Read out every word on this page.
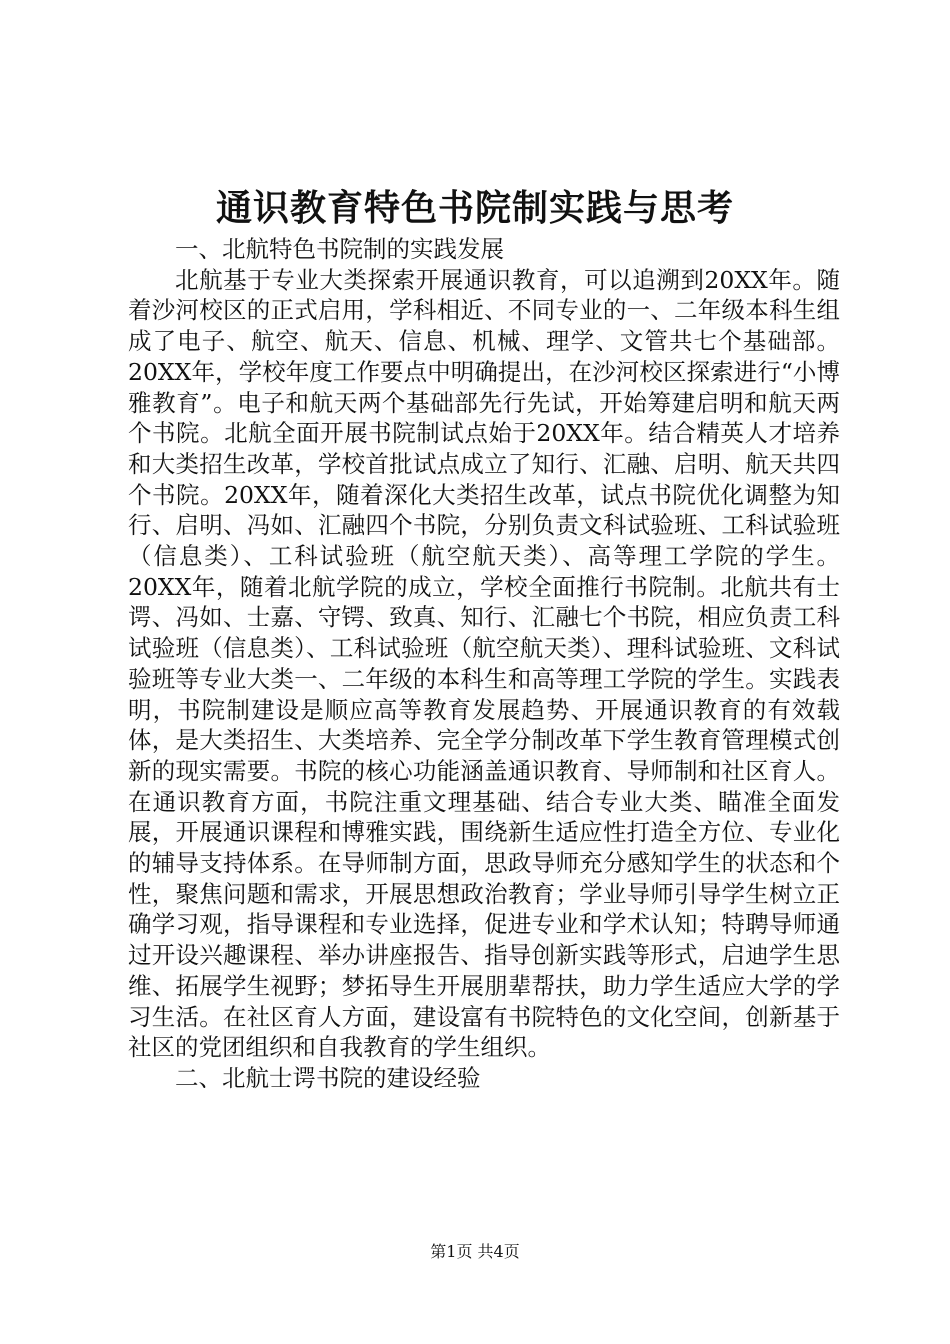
通识教育特色书院制实践与思考

一、北航特色书院制的实践发展

北航基于专业大类探索开展通识教育，可以追溯到20XX年。随着沙河校区的正式启用，学科相近、不同专业的一、二年级本科生组成了电子、航空、航天、信息、机械、理学、文管共七个基础部。20XX年，学校年度工作要点中明确提出，在沙河校区探索进行“小博雅教育”。电子和航天两个基础部先行先试，开始筹建启明和航天两个书院。北航全面开展书院制试点始于20XX年。结合精英人才培养和大类招生改革，学校首批试点成立了知行、汇融、启明、航天共四个书院。20XX年，随着深化大类招生改革，试点书院优化调整为知行、启明、冯如、汇融四个书院，分别负责文科试验班、工科试验班（信息类）、工科试验班（航空航天类）、高等理工学院的学生。20XX年，随着北航学院的成立，学校全面推行书院制。北航共有士谔、冯如、士嘉、守锷、致真、知行、汇融七个书院，相应负责工科试验班（信息类）、工科试验班（航空航天类）、理科试验班、文科试验班等专业大类一、二年级的本科生和高等理工学院的学生。实践表明，书院制建设是顺应高等教育发展趋势、开展通识教育的有效载体，是大类招生、大类培养、完全学分制改革下学生教育管理模式创新的现实需要。书院的核心功能涵盖通识教育、导师制和社区育人。在通识教育方面，书院注重文理基础、结合专业大类、瞄准全面发展，开展通识课程和博雅实践，围绕新生适应性打造全方位、专业化的辅导支持体系。在导师制方面，思政导师充分感知学生的状态和个性，聚焦问题和需求，开展思想政治教育；学业导师引导学生树立正确学习观，指导课程和专业选择，促进专业和学术认知；特聘导师通过开设兴趣课程、举办讲座报告、指导创新实践等形式，启迪学生思维、拓展学生视野；梦拓导生开展朋辈帮扶，助力学生适应大学的学习生活。在社区育人方面，建设富有书院特色的文化空间，创新基于社区的党团组织和自我教育的学生组织。

二、北航士谔书院的建设经验

第1页 共4页
